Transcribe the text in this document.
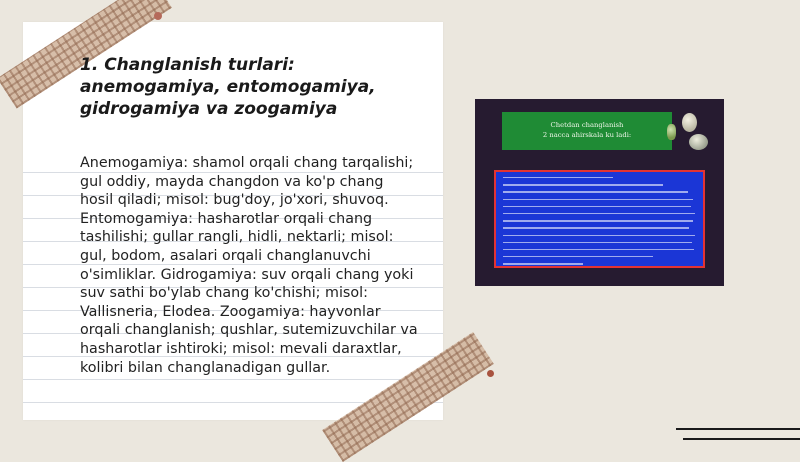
1. Changlanish turlari: anemogamiya, entomogamiya, gidrogamiya va zoogamiya

Anemogamiya: shamol orqali chang tarqalishi; gul oddiy, mayda changdon va ko'p chang hosil qiladi; misol: bug'doy, jo'xori, shuvoq. Entomogamiya: hasharotlar orqali chang tashilishi; gullar rangli, hidli, nektarli; misol: gul, bodom, asalari orqali changlanuvchi o'simliklar. Gidrogamiya: suv orqali chang yoki suv sathi bo'ylab chang ko'chishi; misol: Vallisneria, Elodea. Zoogamiya: hayvonlar orqali changlanish; qushlar, sutemizuvchilar va hasharotlar ishtiroki; misol: mevali daraxtlar, kolibri bilan changlanadigan gullar.

Chetdan changlanish

2 nacca ahirskala ku ladi:
